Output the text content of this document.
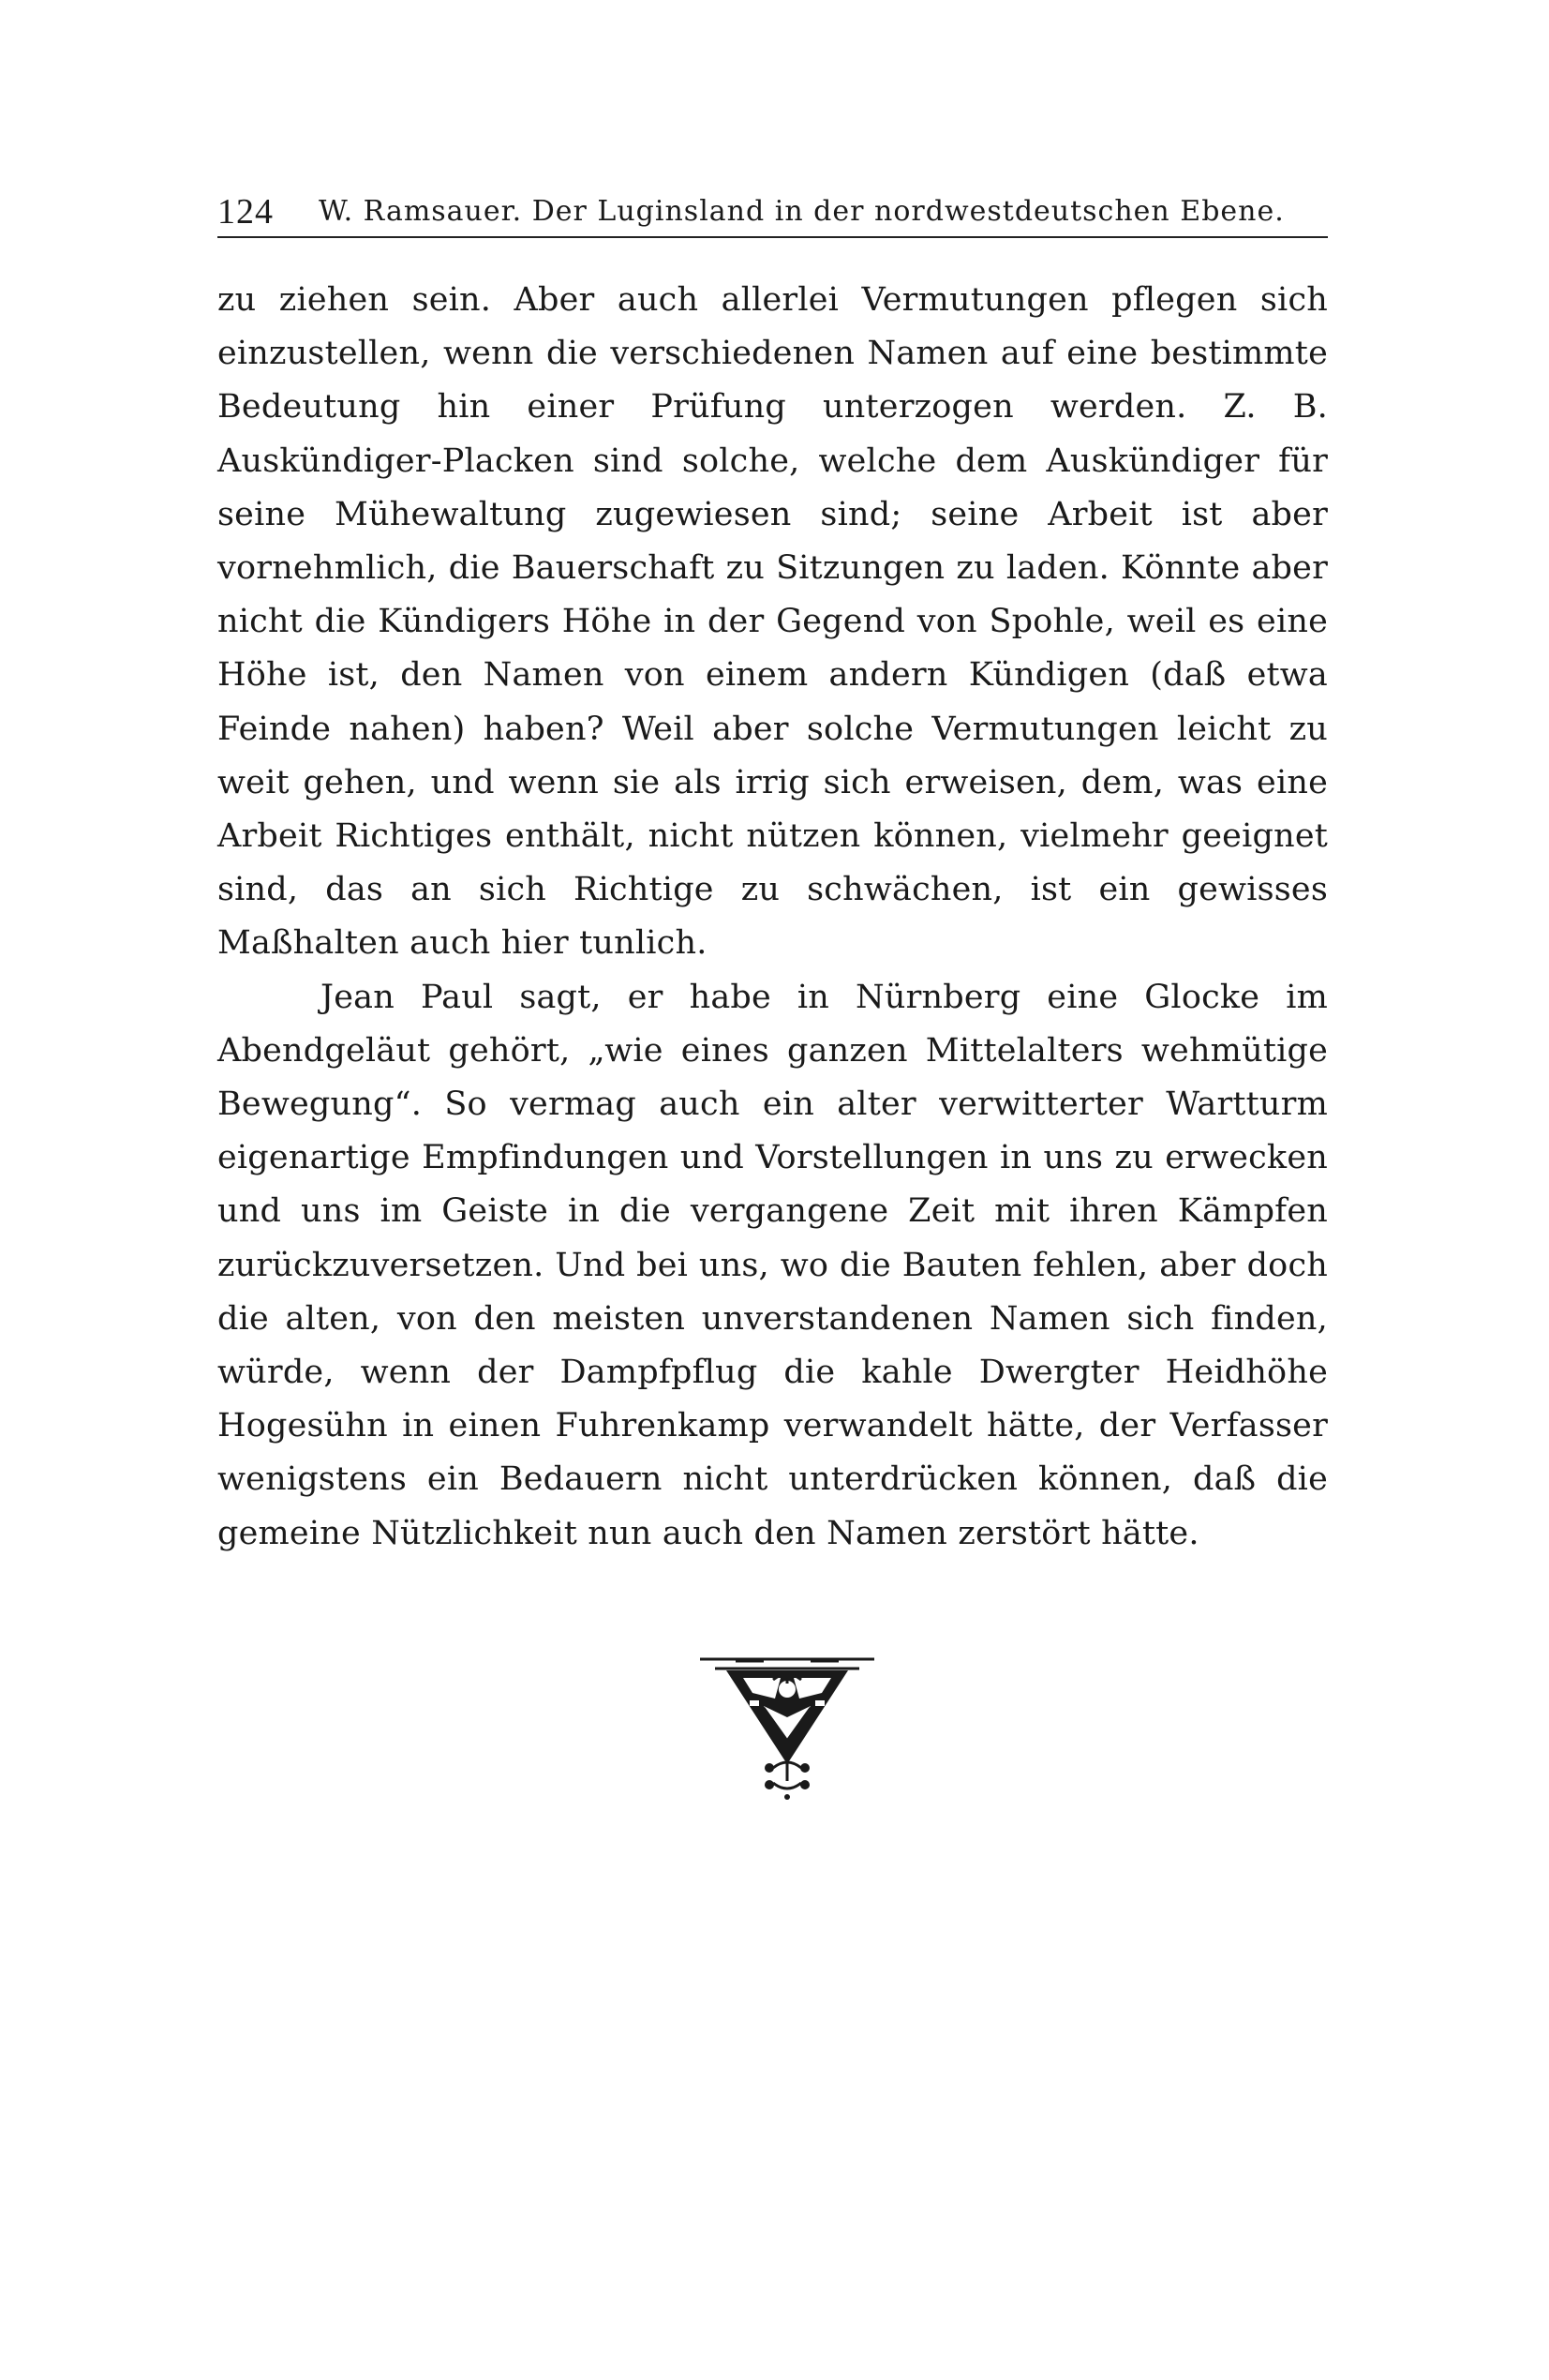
124 W. Ramsauer. Der Luginsland in der nordwestdeutschen Ebene.

zu ziehen sein. Aber auch allerlei Vermutungen pflegen sich einzustellen, wenn die verschiedenen Namen auf eine bestimmte Bedeutung hin einer Prüfung unterzogen werden. Z. B. Auskündiger-Placken sind solche, welche dem Auskündiger für seine Mühewaltung zugewiesen sind; seine Arbeit ist aber vornehmlich, die Bauerschaft zu Sitzungen zu laden. Könnte aber nicht die Kündigers Höhe in der Gegend von Spohle, weil es eine Höhe ist, den Namen von einem andern Kündigen (daß etwa Feinde nahen) haben? Weil aber solche Vermutungen leicht zu weit gehen, und wenn sie als irrig sich erweisen, dem, was eine Arbeit Richtiges enthält, nicht nützen können, vielmehr geeignet sind, das an sich Richtige zu schwächen, ist ein gewisses Maßhalten auch hier tunlich.

Jean Paul sagt, er habe in Nürnberg eine Glocke im Abendgeläut gehört, „wie eines ganzen Mittelalters wehmütige Bewegung“. So vermag auch ein alter verwitterter Wartturm eigenartige Empfindungen und Vorstellungen in uns zu erwecken und uns im Geiste in die vergangene Zeit mit ihren Kämpfen zurückzuversetzen. Und bei uns, wo die Bauten fehlen, aber doch die alten, von den meisten unverstandenen Namen sich finden, würde, wenn der Dampfpflug die kahle Dwergter Heidhöhe Hogesühn in einen Fuhrenkamp verwandelt hätte, der Verfasser wenigstens ein Bedauern nicht unterdrücken können, daß die gemeine Nützlichkeit nun auch den Namen zerstört hätte.
